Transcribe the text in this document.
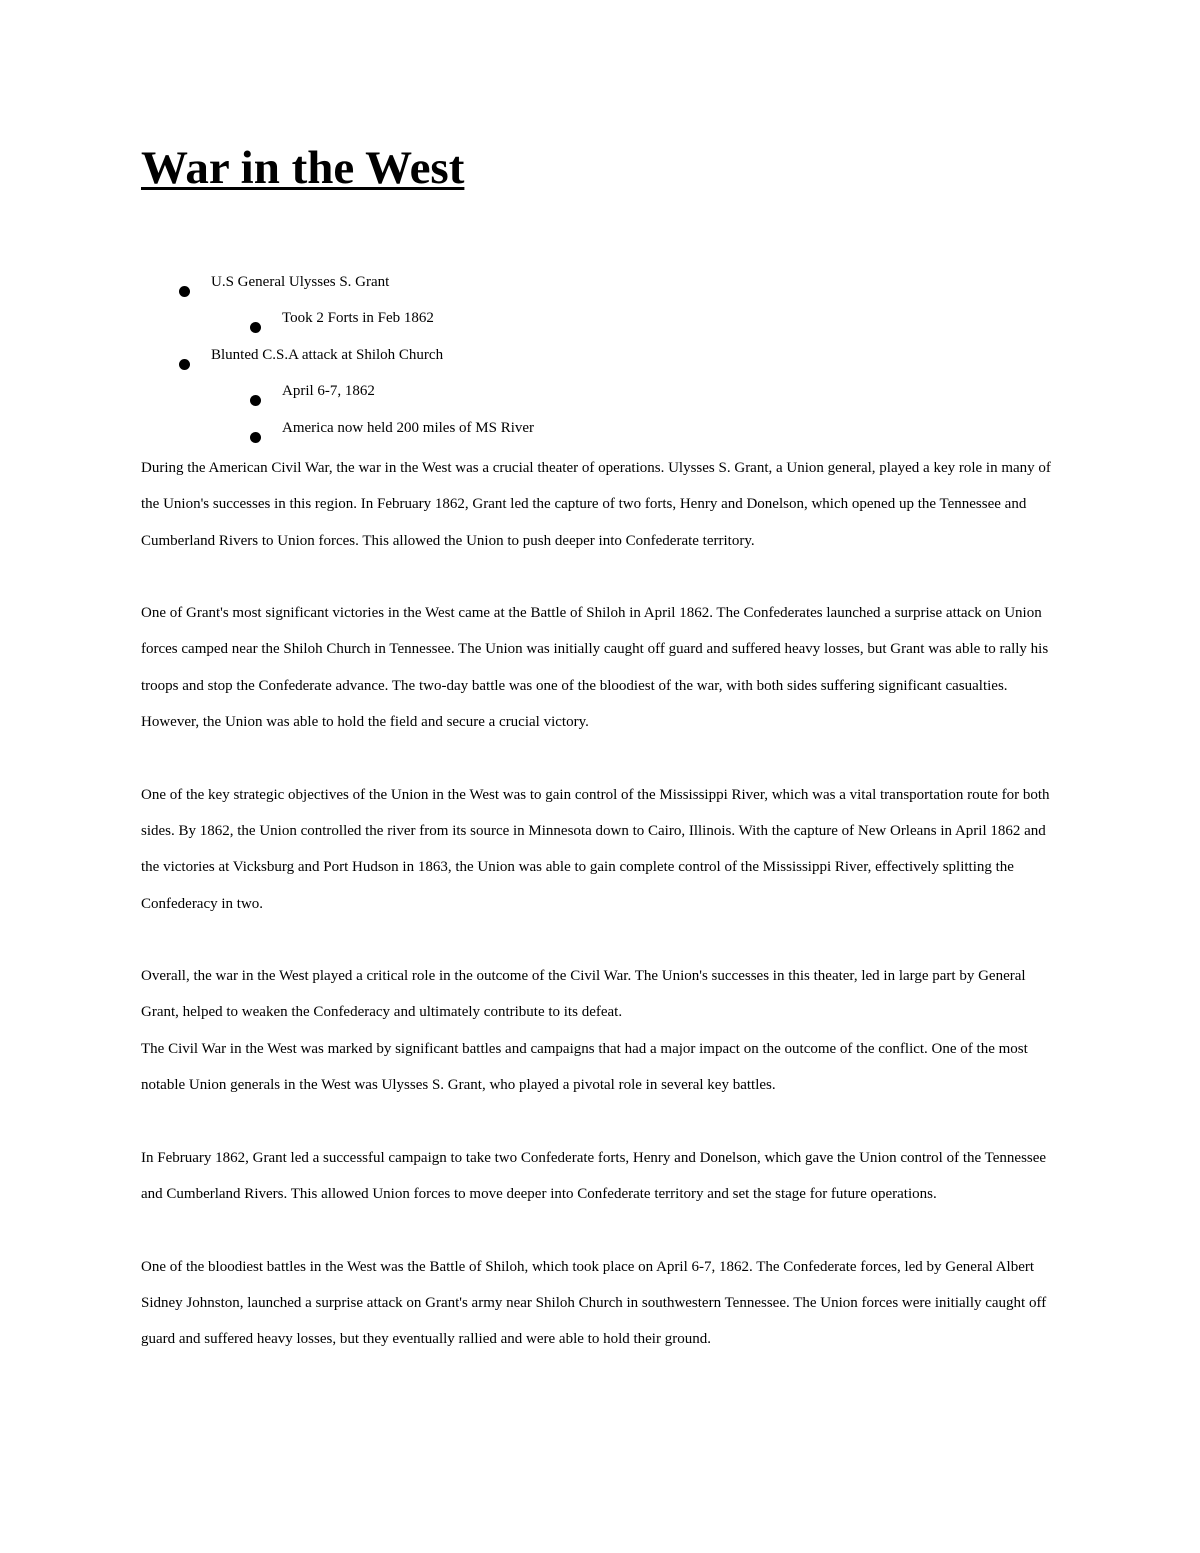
War in the West
U.S General Ulysses S. Grant
Took 2 Forts in Feb 1862
Blunted C.S.A attack at Shiloh Church
April 6-7, 1862
America now held 200 miles of MS River

During the American Civil War, the war in the West was a crucial theater of operations. Ulysses S. Grant, a Union general, played a key role in many of the Union's successes in this region. In February 1862, Grant led the capture of two forts, Henry and Donelson, which opened up the Tennessee and Cumberland Rivers to Union forces. This allowed the Union to push deeper into Confederate territory.

One of Grant's most significant victories in the West came at the Battle of Shiloh in April 1862. The Confederates launched a surprise attack on Union forces camped near the Shiloh Church in Tennessee. The Union was initially caught off guard and suffered heavy losses, but Grant was able to rally his troops and stop the Confederate advance. The two-day battle was one of the bloodiest of the war, with both sides suffering significant casualties. However, the Union was able to hold the field and secure a crucial victory.

One of the key strategic objectives of the Union in the West was to gain control of the Mississippi River, which was a vital transportation route for both sides. By 1862, the Union controlled the river from its source in Minnesota down to Cairo, Illinois. With the capture of New Orleans in April 1862 and the victories at Vicksburg and Port Hudson in 1863, the Union was able to gain complete control of the Mississippi River, effectively splitting the Confederacy in two.

Overall, the war in the West played a critical role in the outcome of the Civil War. The Union's successes in this theater, led in large part by General Grant, helped to weaken the Confederacy and ultimately contribute to its defeat.

The Civil War in the West was marked by significant battles and campaigns that had a major impact on the outcome of the conflict. One of the most notable Union generals in the West was Ulysses S. Grant, who played a pivotal role in several key battles.

In February 1862, Grant led a successful campaign to take two Confederate forts, Henry and Donelson, which gave the Union control of the Tennessee and Cumberland Rivers. This allowed Union forces to move deeper into Confederate territory and set the stage for future operations.

One of the bloodiest battles in the West was the Battle of Shiloh, which took place on April 6-7, 1862. The Confederate forces, led by General Albert Sidney Johnston, launched a surprise attack on Grant's army near Shiloh Church in southwestern Tennessee. The Union forces were initially caught off guard and suffered heavy losses, but they eventually rallied and were able to hold their ground.
